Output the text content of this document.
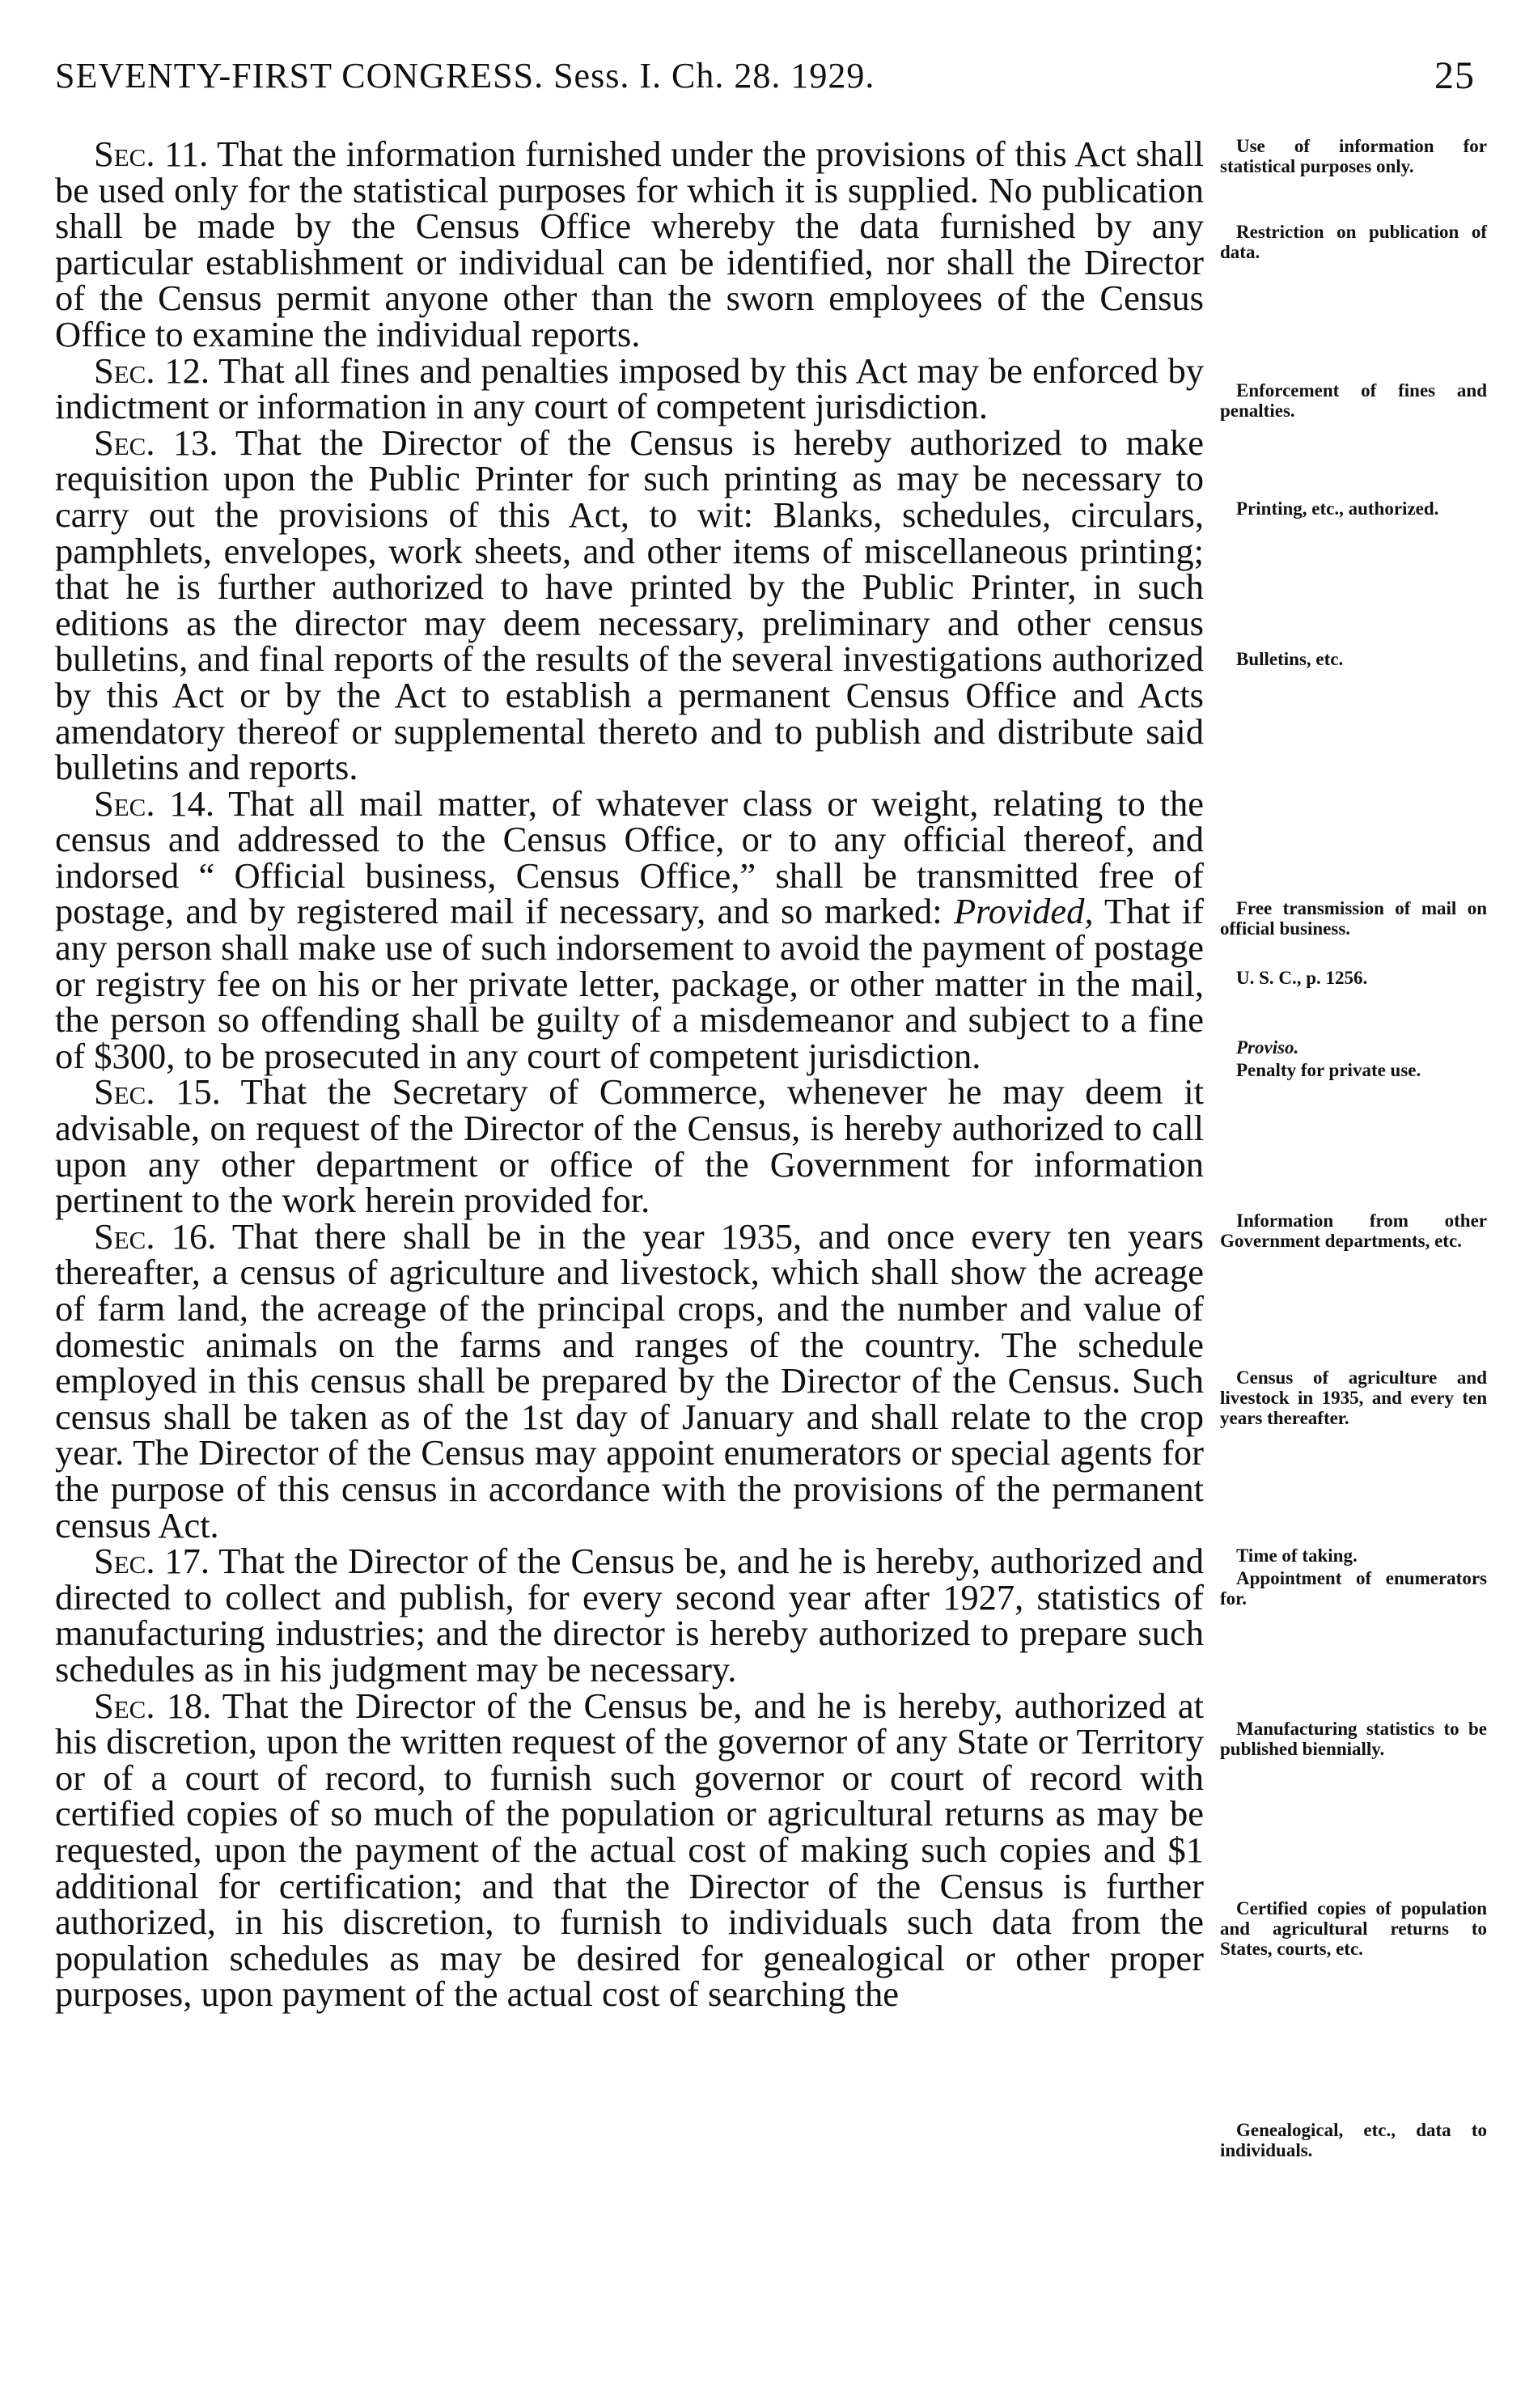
SEVENTY-FIRST CONGRESS. Sess. I. Ch. 28. 1929.	25

Sec. 11. That the information furnished under the provisions of this Act shall be used only for the statistical purposes for which it is supplied. No publication shall be made by the Census Office whereby the data furnished by any particular establishment or individual can be identified, nor shall the Director of the Census permit anyone other than the sworn employees of the Census Office to examine the individual reports.

Sec. 12. That all fines and penalties imposed by this Act may be enforced by indictment or information in any court of competent jurisdiction.

Sec. 13. That the Director of the Census is hereby authorized to make requisition upon the Public Printer for such printing as may be necessary to carry out the provisions of this Act, to wit: Blanks, schedules, circulars, pamphlets, envelopes, work sheets, and other items of miscellaneous printing; that he is further authorized to have printed by the Public Printer, in such editions as the director may deem necessary, preliminary and other census bulletins, and final reports of the results of the several investigations authorized by this Act or by the Act to establish a permanent Census Office and Acts amendatory thereof or supplemental thereto and to publish and distribute said bulletins and reports.

Sec. 14. That all mail matter, of whatever class or weight, relating to the census and addressed to the Census Office, or to any official thereof, and indorsed “ Official business, Census Office,” shall be transmitted free of postage, and by registered mail if necessary, and so marked: Provided, That if any person shall make use of such indorsement to avoid the payment of postage or registry fee on his or her private letter, package, or other matter in the mail, the person so offending shall be guilty of a misdemeanor and subject to a fine of $300, to be prosecuted in any court of competent jurisdiction.

Sec. 15. That the Secretary of Commerce, whenever he may deem it advisable, on request of the Director of the Census, is hereby authorized to call upon any other department or office of the Government for information pertinent to the work herein provided for.

Sec. 16. That there shall be in the year 1935, and once every ten years thereafter, a census of agriculture and livestock, which shall show the acreage of farm land, the acreage of the principal crops, and the number and value of domestic animals on the farms and ranges of the country. The schedule employed in this census shall be prepared by the Director of the Census. Such census shall be taken as of the 1st day of January and shall relate to the crop year. The Director of the Census may appoint enumerators or special agents for the purpose of this census in accordance with the provisions of the permanent census Act.

Sec. 17. That the Director of the Census be, and he is hereby, authorized and directed to collect and publish, for every second year after 1927, statistics of manufacturing industries; and the director is hereby authorized to prepare such schedules as in his judgment may be necessary.

Sec. 18. That the Director of the Census be, and he is hereby, authorized at his discretion, upon the written request of the governor of any State or Territory or of a court of record, to furnish such governor or court of record with certified copies of so much of the population or agricultural returns as may be requested, upon the payment of the actual cost of making such copies and $1 additional for certification; and that the Director of the Census is further authorized, in his discretion, to furnish to individuals such data from the population schedules as may be desired for genealogical or other proper purposes, upon payment of the actual cost of searching the

Use of information for statistical purposes only.
Restriction on publication of data.
Enforcement of fines and penalties.
Printing, etc., authorized.
Bulletins, etc.
Free transmission of mail on official business.
U. S. C., p. 1256.
Proviso.
Penalty for private use.
Information from other Government departments, etc.
Census of agriculture and livestock in 1935, and every ten years thereafter.
Time of taking.
Appointment of enumerators for.
Manufacturing statistics to be published biennially.
Certified copies of population and agricultural returns to States, courts, etc.
Genealogical, etc., data to individuals.
